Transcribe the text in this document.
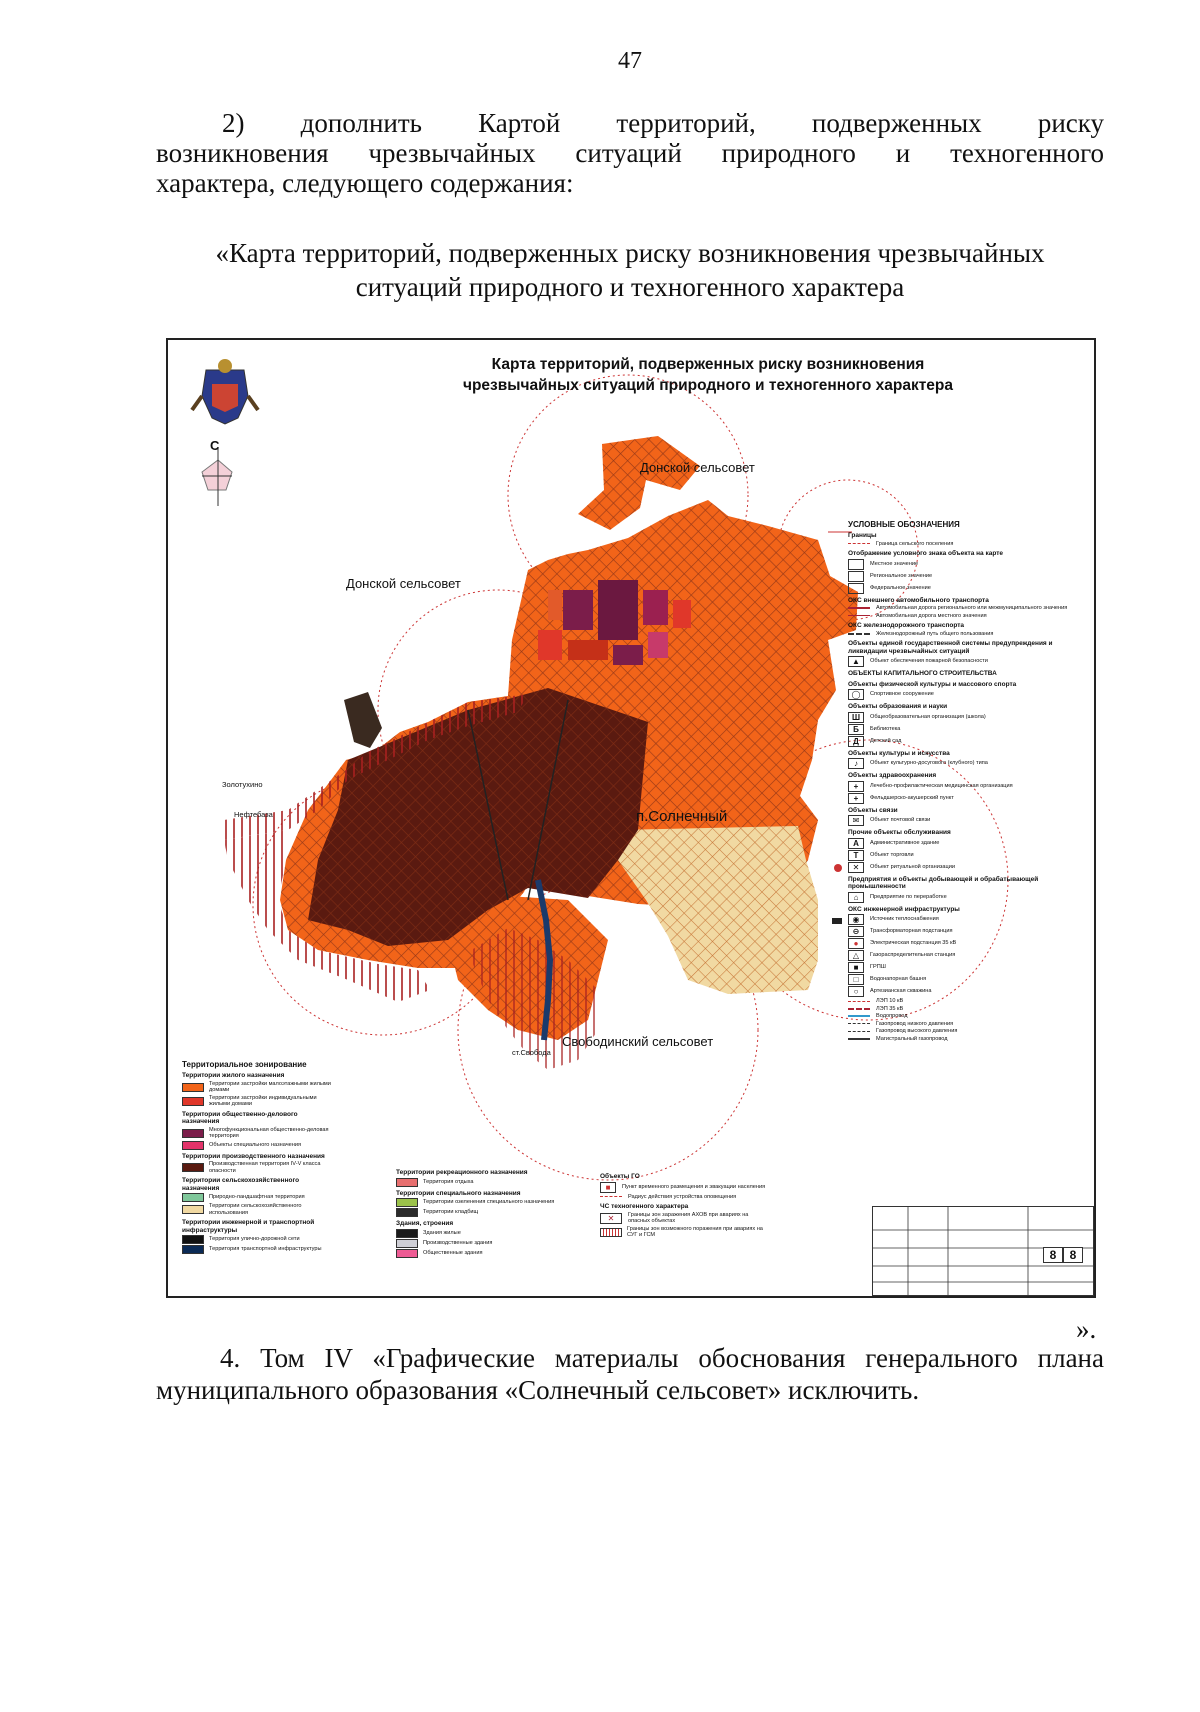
47
2) дополнить Картой территорий, подверженных риску
возникновения чрезвычайных ситуаций природного и техногенного
характера, следующего содержания:
«Карта территорий, подверженных риску возникновения чрезвычайных
ситуаций природного и техногенного характера
Карта территорий, подверженных риску возникновения
чрезвычайных ситуаций природного и техногенного характера
С
Донской сельсовет
Донской сельсовет
п.Солнечный
Свободинский сельсовет
ст.Свобода
Золотухино
Нефтебаза
УСЛОВНЫЕ ОБОЗНАЧЕНИЯ
Границы
Граница сельского поселения
Отображение условного знака объекта на карте
Местное значение
Региональное значение
Федеральное значение
ОКС внешнего автомобильного транспорта
Автомобильная дорога регионального или межмуниципального значения
Автомобильная дорога местного значения
ОКС железнодорожного транспорта
Железнодорожный путь общего пользования
Объекты единой государственной системы предупреждения и ликвидации чрезвычайных ситуаций
▲	Объект обеспечения пожарной безопасности
ОБЪЕКТЫ КАПИТАЛЬНОГО СТРОИТЕЛЬСТВА
Объекты физической культуры и массового спорта
◯	Спортивное сооружение
Объекты образования и науки
Ш	Общеобразовательная организация (школа)
Б	Библиотека
Д	Детский сад
Объекты культуры и искусства
♪	Объект культурно-досугового (клубного) типа
Объекты здравоохранения
+	Лечебно-профилактическая медицинская организация
+	Фельдшерско-акушерский пункт
Объекты связи
✉	Объект почтовой связи
Прочие объекты обслуживания
А	Административное здание
Т	Объект торговли
✕	Объект ритуальной организации
Предприятия и объекты добывающей и обрабатывающей промышленности
⌂	Предприятие по переработке
ОКС инженерной инфраструктуры
◉	Источник теплоснабжения
⊖	Трансформаторная подстанция
●	Электрическая подстанция 35 кВ
△	Газораспределительная станция
■	ГРПШ
□	Водонапорная башня
○	Артезианская скважина
ЛЭП 10 кВ
ЛЭП 35 кВ
Водопровод
Газопровод низкого давления
Газопровод высокого давления
Магистральный газопровод
Территориальное зонирование
Территории жилого назначения
Территории застройки малоэтажными жилыми домами
Территории застройки индивидуальными жилыми домами
Территории общественно-делового назначения
Многофункциональная общественно-деловая территория
Объекты специального назначения
Территории производственного назначения
Производственная территория IV-V класса опасности
Территории сельскохозяйственного назначения
Природно-ландшафтная территория
Территории сельскохозяйственного использования
Территории инженерной и транспортной инфраструктуры
Территория улично-дорожной сети
Территория транспортной инфраструктуры
Территории рекреационного назначения
Территория отдыха
Территории специального назначения
Территории озеленения специального назначения
Территории кладбищ
Здания, строения
Здания жилые
Производственные здания
Общественные здания
Объекты ГО
■	Пункт временного размещения и эвакуации населения
Радиус действия устройства оповещения
ЧС техногенного характера
✕	Границы зон заражения АХОВ при авариях на опасных объектах
Границы зон возможного поражения при авариях на СУГ и ГСМ
8	8
».
4. Том IV «Графические материалы обоснования генерального плана
муниципального образования «Солнечный сельсовет» исключить.
